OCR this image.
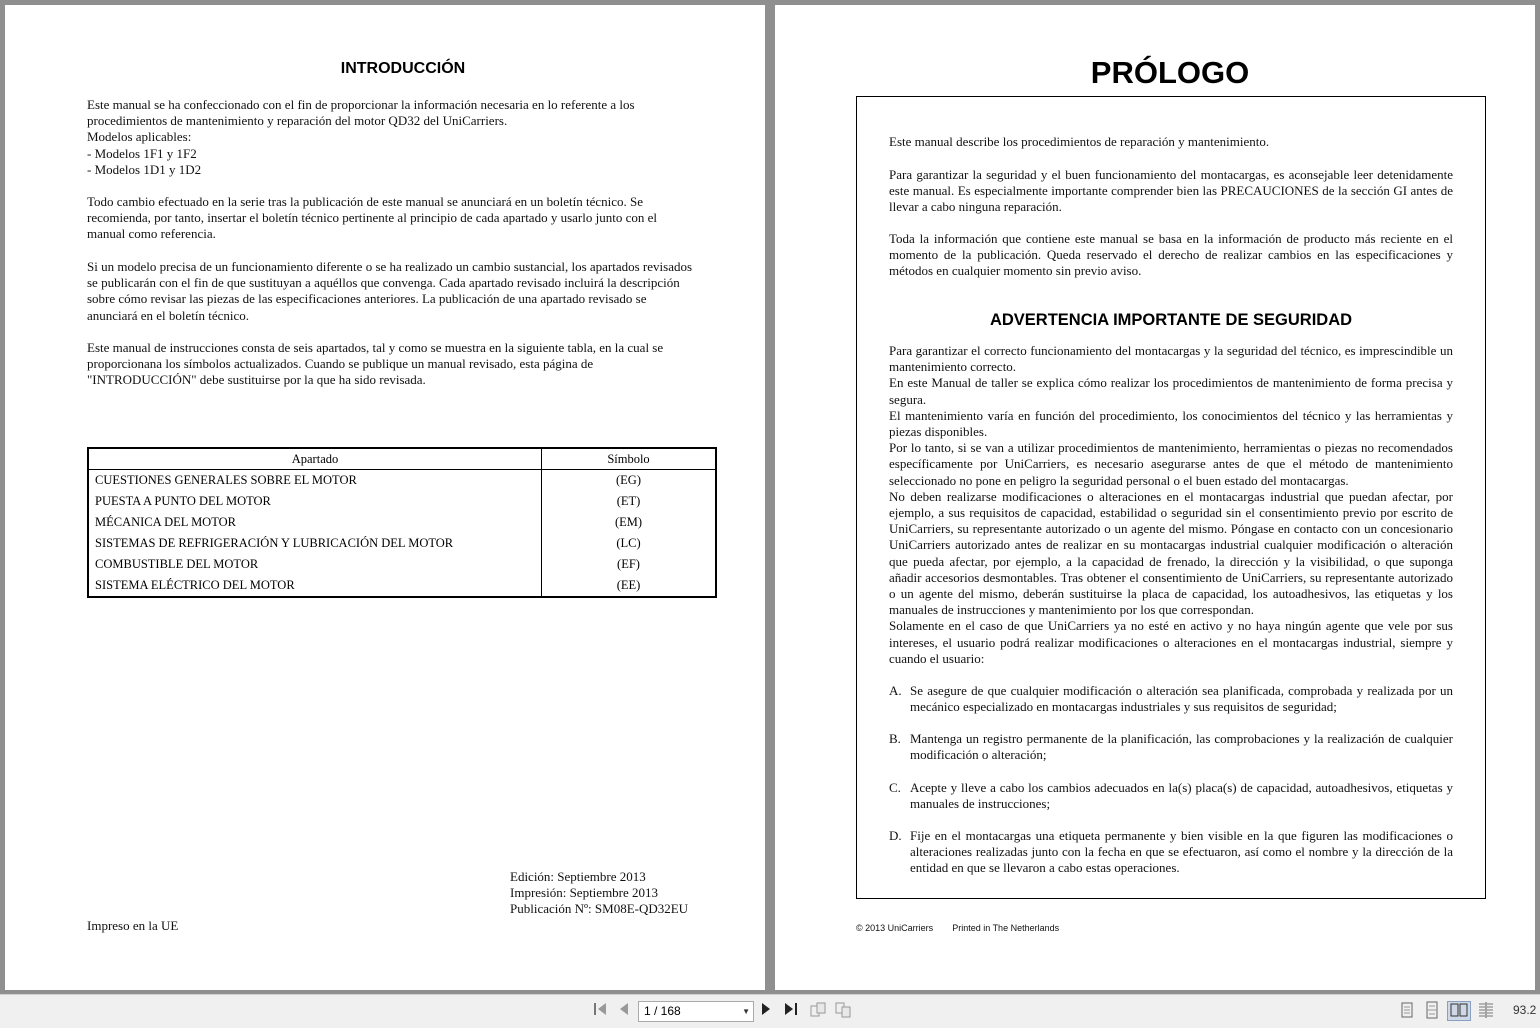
INTRODUCCIÓN
Este manual se ha confeccionado con el fin de proporcionar la información necesaria en lo referente a los
procedimientos de mantenimiento y reparación del motor QD32 del UniCarriers.
Modelos aplicables:
- Modelos 1F1 y 1F2
- Modelos 1D1 y 1D2
Todo cambio efectuado en la serie tras la publicación de este manual se anunciará en un boletín técnico. Se
recomienda, por tanto, insertar el boletín técnico pertinente al principio de cada apartado y usarlo junto con el
manual como referencia.
Si un modelo precisa de un funcionamiento diferente o se ha realizado un cambio sustancial, los apartados revisados
se publicarán con el fin de que sustituyan a aquéllos que convenga. Cada apartado revisado incluirá la descripción
sobre cómo revisar las piezas de las especificaciones anteriores. La publicación de una apartado revisado se
anunciará en el boletín técnico.
Este manual de instrucciones consta de seis apartados, tal y como se muestra en la siguiente tabla, en la cual se
proporcionana los símbolos actualizados. Cuando se publique un manual revisado, esta página de
"INTRODUCCIÓN" debe sustituirse por la que ha sido revisada.
Apartado	Símbolo
CUESTIONES GENERALES SOBRE EL MOTOR	(EG)
PUESTA A PUNTO DEL MOTOR	(ET)
MÉCANICA DEL MOTOR	(EM)
SISTEMAS DE REFRIGERACIÓN Y LUBRICACIÓN DEL MOTOR	(LC)
COMBUSTIBLE DEL MOTOR	(EF)
SISTEMA ELÉCTRICO DEL MOTOR	(EE)
Edición: Septiembre 2013
Impresión: Septiembre 2013
Publicación Nº: SM08E-QD32EU
Impreso en la UE
PRÓLOGO
Este manual describe los procedimientos de reparación y mantenimiento.
Para garantizar la seguridad y el buen funcionamiento del montacargas, es aconsejable leer detenidamente este manual. Es especialmente importante comprender bien las PRECAUCIONES de la sección GI antes de llevar a cabo ninguna reparación.
Toda la información que contiene este manual se basa en la información de producto más reciente en el momento de la publicación. Queda reservado el derecho de realizar cambios en las especificaciones y métodos en cualquier momento sin previo aviso.
ADVERTENCIA IMPORTANTE DE SEGURIDAD
Para garantizar el correcto funcionamiento del montacargas y la seguridad del técnico, es imprescindible un mantenimiento correcto.
En este Manual de taller se explica cómo realizar los procedimientos de mantenimiento de forma precisa y segura.
El mantenimiento varía en función del procedimiento, los conocimientos del técnico y las herramientas y piezas disponibles.
Por lo tanto, si se van a utilizar procedimientos de mantenimiento, herramientas o piezas no recomendados específicamente por UniCarriers, es necesario asegurarse antes de que el método de mantenimiento seleccionado no pone en peligro la seguridad personal o el buen estado del montacargas.
No deben realizarse modificaciones o alteraciones en el montacargas industrial que puedan afectar, por ejemplo, a sus requisitos de capacidad, estabilidad o seguridad sin el consentimiento previo por escrito de UniCarriers, su representante autorizado o un agente del mismo. Póngase en contacto con un concesionario UniCarriers autorizado antes de realizar en su montacargas industrial cualquier modificación o alteración que pueda afectar, por ejemplo, a la capacidad de frenado, la dirección y la visibilidad, o que suponga añadir accesorios desmontables. Tras obtener el consentimiento de UniCarriers, su representante autorizado o un agente del mismo, deberán sustituirse la placa de capacidad, los autoadhesivos, las etiquetas y los manuales de instrucciones y mantenimiento por los que correspondan.
Solamente en el caso de que UniCarriers ya no esté en activo y no haya ningún agente que vele por sus intereses, el usuario podrá realizar modificaciones o alteraciones en el montacargas industrial, siempre y cuando el usuario:
A. Se asegure de que cualquier modificación o alteración sea planificada, comprobada y realizada por un mecánico especializado en montacargas industriales y sus requisitos de seguridad;
B. Mantenga un registro permanente de la planificación, las comprobaciones y la realización de cualquier modificación o alteración;
C. Acepte y lleve a cabo los cambios adecuados en la(s) placa(s) de capacidad, autoadhesivos, etiquetas y manuales de instrucciones;
D. Fije en el montacargas una etiqueta permanente y bien visible en la que figuren las modificaciones o alteraciones realizadas junto con la fecha en que se efectuaron, así como el nombre y la dirección de la entidad en que se llevaron a cabo estas operaciones.
© 2013 UniCarriers Printed in The Netherlands
1 / 168	▼	93.2
